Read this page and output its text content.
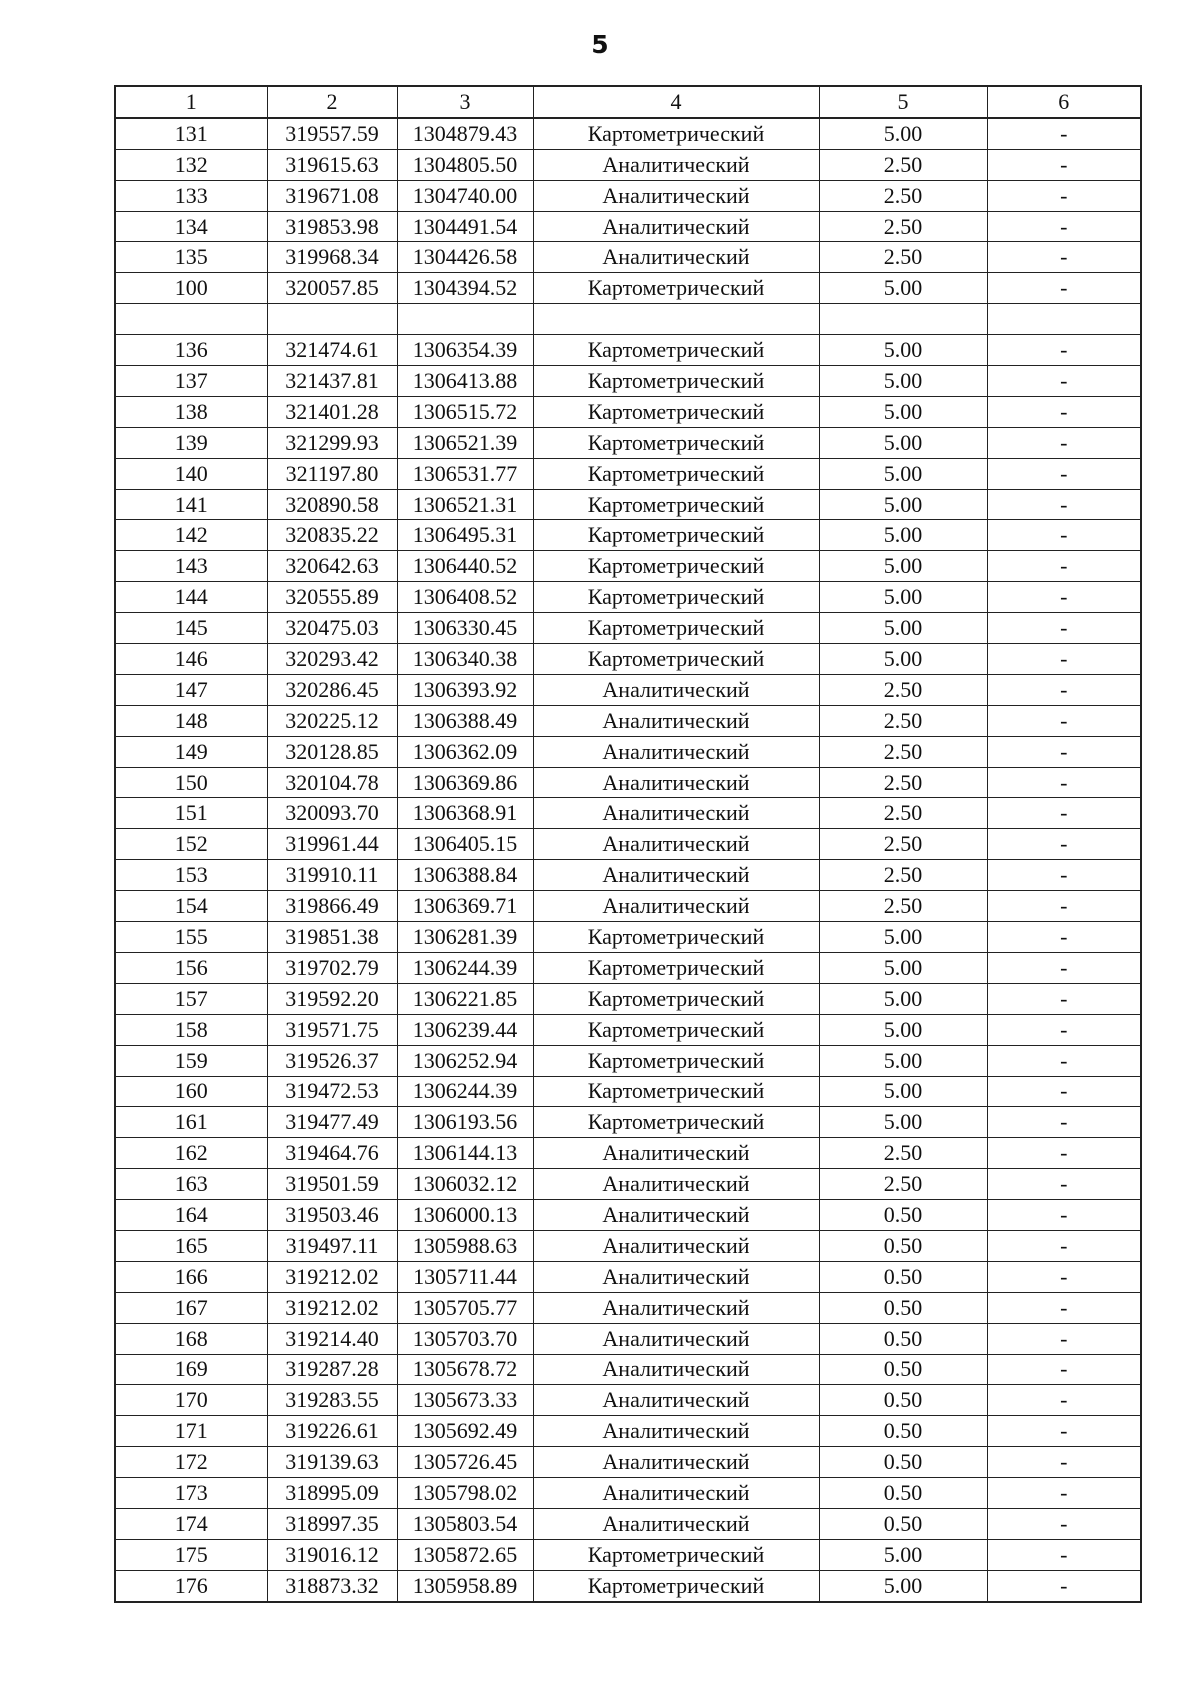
5
1	2	3	4	5	6
131	319557.59	1304879.43	Картометрический	5.00	-
132	319615.63	1304805.50	Аналитический	2.50	-
133	319671.08	1304740.00	Аналитический	2.50	-
134	319853.98	1304491.54	Аналитический	2.50	-
135	319968.34	1304426.58	Аналитический	2.50	-
100	320057.85	1304394.52	Картометрический	5.00	-

136	321474.61	1306354.39	Картометрический	5.00	-
137	321437.81	1306413.88	Картометрический	5.00	-
138	321401.28	1306515.72	Картометрический	5.00	-
139	321299.93	1306521.39	Картометрический	5.00	-
140	321197.80	1306531.77	Картометрический	5.00	-
141	320890.58	1306521.31	Картометрический	5.00	-
142	320835.22	1306495.31	Картометрический	5.00	-
143	320642.63	1306440.52	Картометрический	5.00	-
144	320555.89	1306408.52	Картометрический	5.00	-
145	320475.03	1306330.45	Картометрический	5.00	-
146	320293.42	1306340.38	Картометрический	5.00	-
147	320286.45	1306393.92	Аналитический	2.50	-
148	320225.12	1306388.49	Аналитический	2.50	-
149	320128.85	1306362.09	Аналитический	2.50	-
150	320104.78	1306369.86	Аналитический	2.50	-
151	320093.70	1306368.91	Аналитический	2.50	-
152	319961.44	1306405.15	Аналитический	2.50	-
153	319910.11	1306388.84	Аналитический	2.50	-
154	319866.49	1306369.71	Аналитический	2.50	-
155	319851.38	1306281.39	Картометрический	5.00	-
156	319702.79	1306244.39	Картометрический	5.00	-
157	319592.20	1306221.85	Картометрический	5.00	-
158	319571.75	1306239.44	Картометрический	5.00	-
159	319526.37	1306252.94	Картометрический	5.00	-
160	319472.53	1306244.39	Картометрический	5.00	-
161	319477.49	1306193.56	Картометрический	5.00	-
162	319464.76	1306144.13	Аналитический	2.50	-
163	319501.59	1306032.12	Аналитический	2.50	-
164	319503.46	1306000.13	Аналитический	0.50	-
165	319497.11	1305988.63	Аналитический	0.50	-
166	319212.02	1305711.44	Аналитический	0.50	-
167	319212.02	1305705.77	Аналитический	0.50	-
168	319214.40	1305703.70	Аналитический	0.50	-
169	319287.28	1305678.72	Аналитический	0.50	-
170	319283.55	1305673.33	Аналитический	0.50	-
171	319226.61	1305692.49	Аналитический	0.50	-
172	319139.63	1305726.45	Аналитический	0.50	-
173	318995.09	1305798.02	Аналитический	0.50	-
174	318997.35	1305803.54	Аналитический	0.50	-
175	319016.12	1305872.65	Картометрический	5.00	-
176	318873.32	1305958.89	Картометрический	5.00	-
